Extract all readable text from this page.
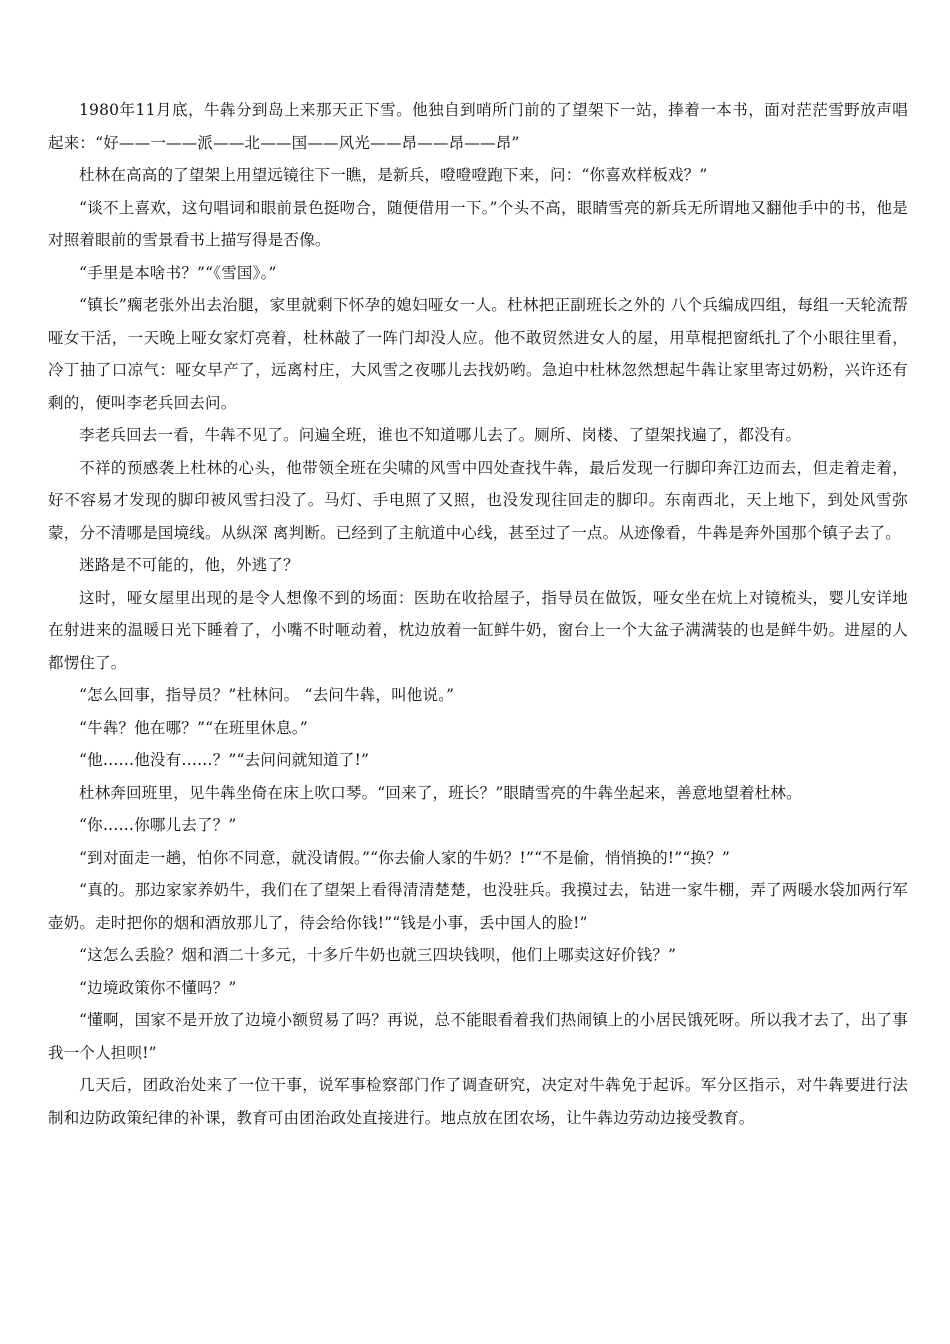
1980年11月底，牛犇分到岛上来那天正下雪。他独自到哨所门前的了望架下一站，捧着一本书，面对茫茫雪野放声唱起来：“好——一——派——北——国——风光——昂——昂——昂”

杜林在高高的了望架上用望远镜往下一瞧，是新兵，噔噔噔跑下来，问：“你喜欢样板戏？”

“谈不上喜欢，这句唱词和眼前景色挺吻合，随便借用一下。”个头不高，眼睛雪亮的新兵无所谓地又翻他手中的书，他是对照着眼前的雪景看书上描写得是否像。

“手里是本啥书？”“《雪国》。”

“镇长”瘸老张外出去治腿，家里就剩下怀孕的媳妇哑女一人。杜林把正副班长之外的 八个兵编成四组，每组一天轮流帮哑女干活，一天晚上哑女家灯亮着，杜林敲了一阵门却没人应。他不敢贸然进女人的屋，用草棍把窗纸扎了个小眼往里看，冷丁抽了口凉气：哑女早产了，远离村庄，大风雪之夜哪儿去找奶哟。急迫中杜林忽然想起牛犇让家里寄过奶粉，兴许还有剩的，便叫李老兵回去问。

李老兵回去一看，牛犇不见了。问遍全班，谁也不知道哪儿去了。厕所、岗楼、了望架找遍了，都没有。

不祥的预感袭上杜林的心头，他带领全班在尖啸的风雪中四处查找牛犇，最后发现一行脚印奔江边而去，但走着走着，好不容易才发现的脚印被风雪扫没了。马灯、手电照了又照，也没发现往回走的脚印。东南西北，天上地下，到处风雪弥蒙，分不清哪是国境线。从纵深 离判断。已经到了主航道中心线，甚至过了一点。从迹像看，牛犇是奔外国那个镇子去了。

迷路是不可能的，他，外逃了？

这时，哑女屋里出现的是令人想像不到的场面：医助在收拾屋子，指导员在做饭，哑女坐在炕上对镜梳头，婴儿安详地在射进来的温暖日光下睡着了，小嘴不时咂动着，枕边放着一缸鲜牛奶，窗台上一个大盆子满满装的也是鲜牛奶。进屋的人都愣住了。

“怎么回事，指导员？”杜林问。 “去问牛犇，叫他说。”

“牛犇？他在哪？”“在班里休息。”

“他……他没有……？”“去问问就知道了!”

杜林奔回班里，见牛犇坐倚在床上吹口琴。“回来了，班长？”眼睛雪亮的牛犇坐起来，善意地望着杜林。

“你……你哪儿去了？”

“到对面走一趟，怕你不同意，就没请假。”“你去偷人家的牛奶？!”“不是偷，悄悄换的!”“换？”

“真的。那边家家养奶牛，我们在了望架上看得清清楚楚，也没驻兵。我摸过去，钻进一家牛棚，弄了两暖水袋加两行军壶奶。走时把你的烟和酒放那儿了，待会给你钱!”“钱是小事，丢中国人的脸!”

“这怎么丢脸？烟和酒二十多元，十多斤牛奶也就三四块钱呗，他们上哪卖这好价钱？”

“边境政策你不懂吗？”

“懂啊，国家不是开放了边境小额贸易了吗？再说，总不能眼看着我们热闹镇上的小居民饿死呀。所以我才去了，出了事我一个人担呗!”

几天后，团政治处来了一位干事，说军事检察部门作了调查研究，决定对牛犇免于起诉。军分区指示，对牛犇要进行法制和边防政策纪律的补课，教育可由团治政处直接进行。地点放在团农场，让牛犇边劳动边接受教育。
